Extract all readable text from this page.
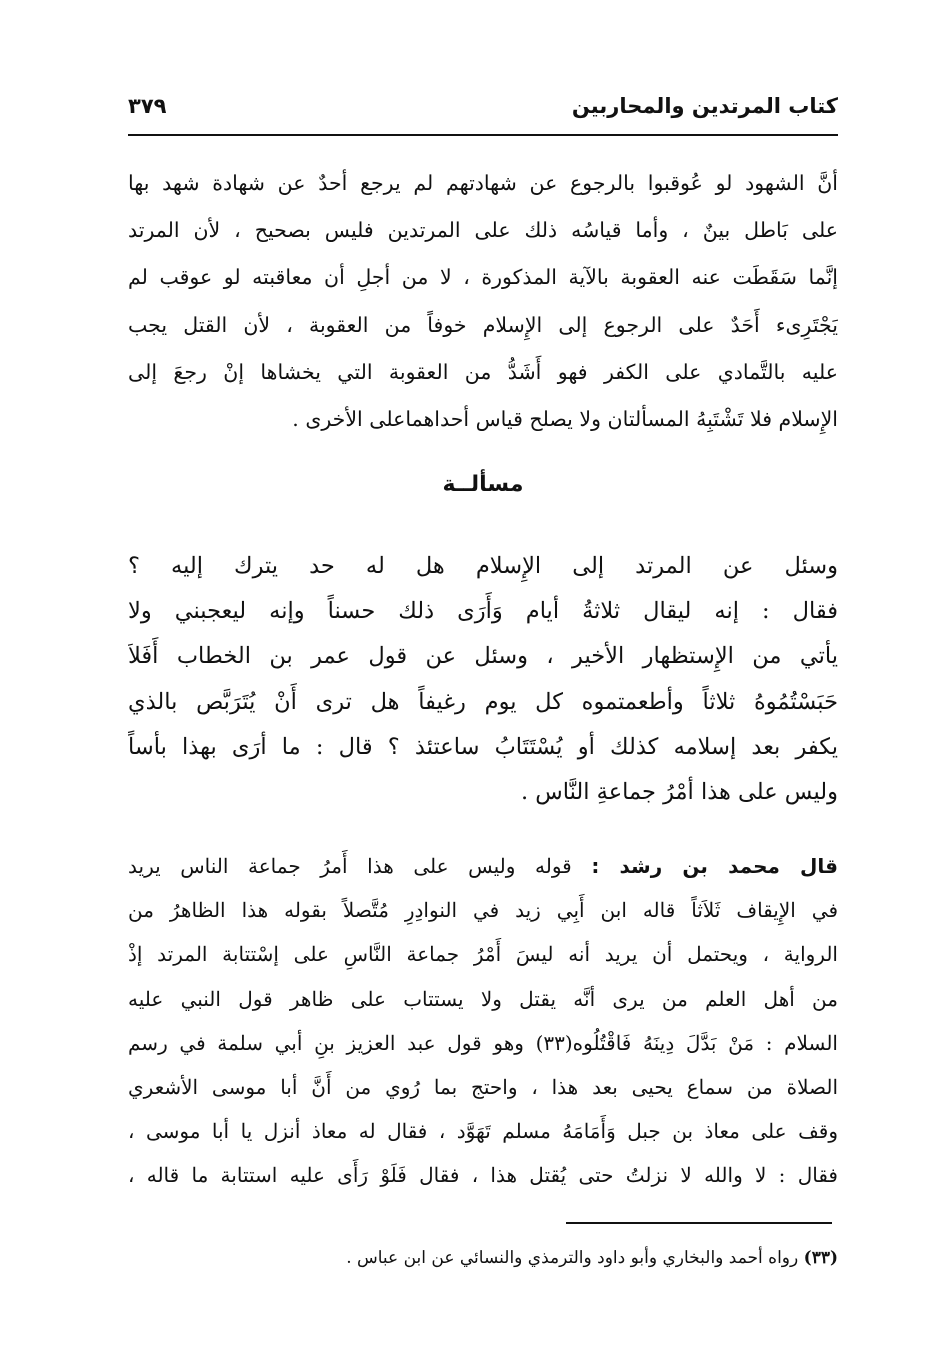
كتاب المرتدين والمحاربين
٣٧٩
أنَّ الشهود لو عُوقبوا بالرجوع عن شهادتهم لم يرجع أحدٌ عن شهادة شهد بها
على بَاطل بينٌ ، وأما قياسُه ذلك على المرتدين فليس بصحيح ، لأن المرتد
إنَّما سَقَطَت عنه العقوبة بالآية المذكورة ، لا من أجلِ أن معاقبته لو عوقب لم
يَجْتَرِىء أَحَدٌ على الرجوع إلى الإِسلام خوفاً من العقوبة ، لأن القتل يجب
عليه بالتَّمادي على الكفر فهو أَشَدُّ من العقوبة التي يخشاها إنْ رجعَ إلى
الإِسلام فلا تَشْتَبِهُ المسألتان ولا يصلح قياس أحداهماعلى الأخرى .
مسألــة
وسئل عن المرتد إلى الإِسلام هل له حد يترك إليه ؟
فقال : إنه ليقال ثلاثةُ أيام وَأَرَى ذلك حسناً وإنه ليعجبني ولا
يأتي من الإِستظهار الأخير ، وسئل عن قول عمر بن الخطاب أَفَلاَ
حَبَسْتُمُوهُ ثلاثاً وأطعمتموه كل يوم رغيفاً هل ترى أَنْ يُتَرَبَّص بالذي
يكفر بعد إسلامه كذلك أو يُسْتَتَابُ ساعتئذ ؟ قال : ما أرَى بهذا بأساً
وليس على هذا أمْرُ جماعةِ النَّاس .
قال محمد بن رشد : قوله وليس على هذا أَمرُ جماعة الناس يريد
في الإِيقاف ثَلاَثاً قاله ابن أَبِي زيد في النوادِرِ مُتَّصلاً بقوله هذا الظاهرُ من
الرواية ، ويحتمل أن يريد أنه ليسَ أَمْرُ جماعة النَّاسِ على إسْتتابة المرتد إذْ
من أهل العلم من يرى أنَّه يقتل ولا يستتاب على ظاهر قول النبي عليه
السلام : مَنْ بَدَّلَ دِينَهُ فَاقْتُلُوه(٣٣) وهو قول عبد العزيز بنِ أبي سلمة في رسم
الصلاة من سماع يحيى بعد هذا ، واحتج بما رُوي من أَنَّ أبا موسى الأشعري
وقف على معاذ بن جبل وَأَمَامَهُ مسلم تَهَوَّد ، فقال له معاذ أنزل يا أبا موسى ،
فقال : لا والله لا نزلتُ حتى يُقتل هذا ، فقال فَلَوْ رَأَى عليه استتابة ما قاله ،
(٣٣) رواه أحمد والبخاري وأبو داود والترمذي والنسائي عن ابن عباس .
